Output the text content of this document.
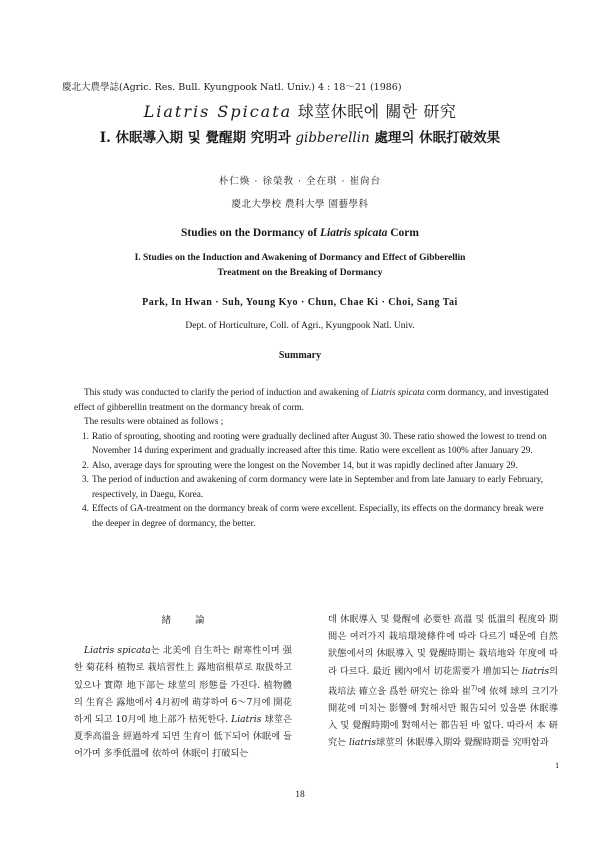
慶北大農學誌(Agric. Res. Bull. Kyungpook Natl. Univ.) 4 : 18～21 (1986)
Liatris Spicata 球莖休眠에 關한 研究
Ⅰ. 休眠導入期 및 覺醒期 究明과 gibberellin 處理의 休眠打破效果
朴仁煥 · 徐榮敎 · 全在琪 · 崔尙台
慶北大學校 農科大學 園藝學科
Studies on the Dormancy of Liatris spicata Corm
I. Studies on the Induction and Awakening of Dormancy and Effect of Gibberellin
Treatment on the Breaking of Dormancy
Park, In Hwan · Suh, Young Kyo · Chun, Chae Ki · Choi, Sang Tai
Dept. of Horticulture, Coll. of Agri., Kyungpook Natl. Univ.
Summary

This study was conducted to clarify the period of induction and awakening of Liatris spicata corm dormancy, and investigated effect of gibberellin treatment on the dormancy break of corm.

The results were obtained as follows ;

1. Ratio of sprouting, shooting and rooting were gradually declined after August 30. These ratio showed the lowest to trend on November 14 during experiment and gradually increased after this time. Ratio were excellent as 100% after January 29.
2. Also, average days for sprouting were the longest on the November 14, but it was rapidly declined after January 29.
3. The period of induction and awakening of corm dormancy were late in September and from late January to early February, respectively, in Daegu, Korea.
4. Effects of GA-treatment on the dormancy break of corm were excellent. Especially, its effects on the dormancy break were the deeper in degree of dormancy, the better.

緖論

Liatris spicata는 北美에 自生하는 耐寒性이며 强한 菊花科 植物로 栽培習性上 露地宿根草로 取扱하고 있으나 實際 地下部는 球莖의 形態를 가진다. 植物體의 生育은 露地에서 4月初에 萌芽하여 6～7月에 開花하게 되고 10月에 地上部가 枯死한다. Liatris 球莖은 夏季高溫을 經過하게 되면 生育이 低下되어 休眠에 들어가며 多季低溫에 依하여 休眠이 打破되는

데 休眠導入 및 覺醒에 必要한 高溫 및 低溫의 程度와 期間은 여러가지 栽培環境條件에 따라 다르기 때문에 自然狀態에서의 休眠導入 및 覺醒時期는 栽培地와 年度에 따라 다르다. 最近 國內에서 切花需要가 增加되는 liatris의 栽培法 確立을 爲한 研究는 徐와 崔$^{7)}$에 依해 球의 크기가 開花에 미치는 影響에 對해서만 報告되어 있을뿐 休眠導入 및 覺醒時期에 對해서는 都告된 바 없다. 따라서 本 研究는 liatris球莖의 休眠導入期와 覺醒時期를 究明함과

1
18
